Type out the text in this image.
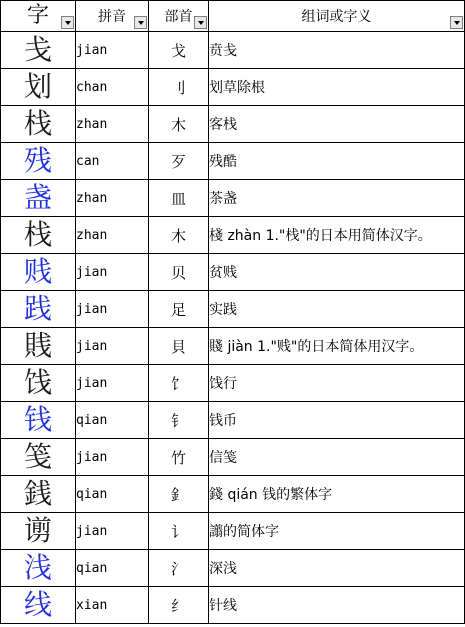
字	拼音	部首	组词或字义

戋	jian	戈	贲戋
划	chan	刂	划草除根
栈	zhan	木	客栈
残	can	歹	残酷
盏	zhan	皿	茶盏
栈	zhan	木	棧 zhàn 1."栈"的日本用简体汉字。
贱	jian	贝	贫贱
践	jian	足	实践
賎	jian	貝	賤 jiàn 1."贱"的日本简体用汉字。
饯	jian	饣	饯行
钱	qian	钅	钱币
笺	jian	竹	信笺
銭	qian	釒	錢 qián 钱的繁体字
谫	jian	讠	譾的简体字
浅	qian	氵	深浅
线	xian	纟	针线
